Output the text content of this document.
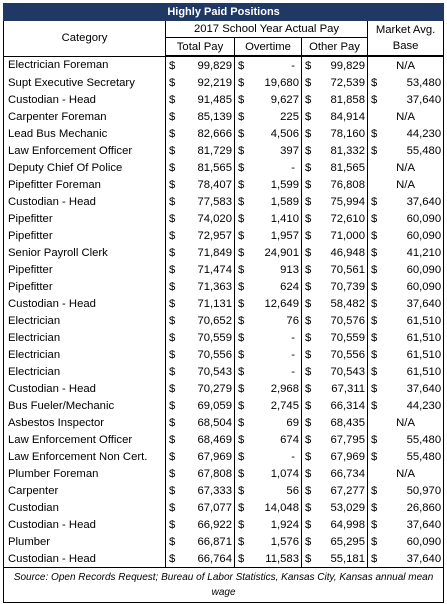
Highly Paid Positions								
Category	2017 School Year Actual Pay						Market Avg. Base	
	Total Pay		Overtime		Other Pay			
Electrician Foreman	$	99,829	$	-	$	99,829	N/A	
Supt Executive Secretary	$	92,219	$	19,680	$	72,539	$	53,480
Custodian - Head	$	91,485	$	9,627	$	81,858	$	37,640
Carpenter Foreman	$	85,139	$	225	$	84,914	N/A	
Lead Bus Mechanic	$	82,666	$	4,506	$	78,160	$	44,230
Law Enforcement Officer	$	81,729	$	397	$	81,332	$	55,480
Deputy Chief Of Police	$	81,565	$	-	$	81,565	N/A	
Pipefitter Foreman	$	78,407	$	1,599	$	76,808	N/A	
Custodian - Head	$	77,583	$	1,589	$	75,994	$	37,640
Pipefitter	$	74,020	$	1,410	$	72,610	$	60,090
Pipefitter	$	72,957	$	1,957	$	71,000	$	60,090
Senior Payroll Clerk	$	71,849	$	24,901	$	46,948	$	41,210
Pipefitter	$	71,474	$	913	$	70,561	$	60,090
Pipefitter	$	71,363	$	624	$	70,739	$	60,090
Custodian - Head	$	71,131	$	12,649	$	58,482	$	37,640
Electrician	$	70,652	$	76	$	70,576	$	61,510
Electrician	$	70,559	$	-	$	70,559	$	61,510
Electrician	$	70,556	$	-	$	70,556	$	61,510
Electrician	$	70,543	$	-	$	70,543	$	61,510
Custodian - Head	$	70,279	$	2,968	$	67,311	$	37,640
Bus Fueler/Mechanic	$	69,059	$	2,745	$	66,314	$	44,230
Asbestos Inspector	$	68,504	$	69	$	68,435	N/A	
Law Enforcement Officer	$	68,469	$	674	$	67,795	$	55,480
Law Enforcement Non Cert.	$	67,969	$	-	$	67,969	$	55,480
Plumber Foreman	$	67,808	$	1,074	$	66,734	N/A	
Carpenter	$	67,333	$	56	$	67,277	$	50,970
Custodian	$	67,077	$	14,048	$	53,029	$	26,860
Custodian - Head	$	66,922	$	1,924	$	64,998	$	37,640
Plumber	$	66,871	$	1,576	$	65,295	$	60,090
Custodian - Head	$	66,764	$	11,583	$	55,181	$	37,640
Source: Open Records Request; Bureau of Labor Statistics, Kansas City, Kansas annual mean wage								
